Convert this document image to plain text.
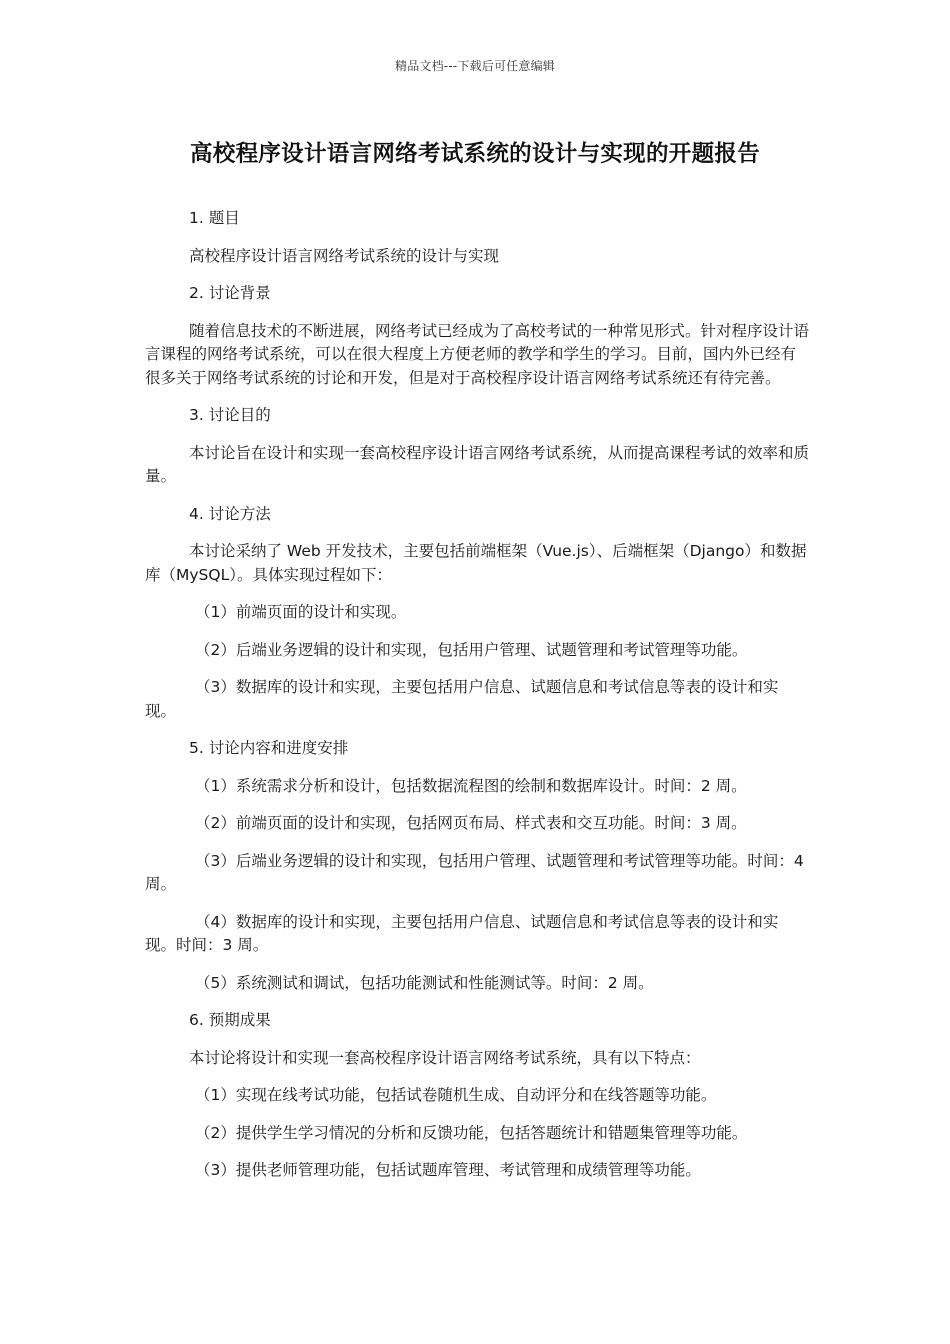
精品文档---下载后可任意编辑
高校程序设计语言网络考试系统的设计与实现的开题报告

1. 题目

高校程序设计语言网络考试系统的设计与实现

2. 讨论背景

随着信息技术的不断进展，网络考试已经成为了高校考试的一种常见形式。针对程序设计语言课程的网络考试系统，可以在很大程度上方便老师的教学和学生的学习。目前，国内外已经有很多关于网络考试系统的讨论和开发，但是对于高校程序设计语言网络考试系统还有待完善。

3. 讨论目的

本讨论旨在设计和实现一套高校程序设计语言网络考试系统，从而提高课程考试的效率和质量。

4. 讨论方法

本讨论采纳了 Web 开发技术，主要包括前端框架（Vue.js）、后端框架（Django）和数据库（MySQL）。具体实现过程如下：

（1）前端页面的设计和实现。

（2）后端业务逻辑的设计和实现，包括用户管理、试题管理和考试管理等功能。

（3）数据库的设计和实现，主要包括用户信息、试题信息和考试信息等表的设计和实现。

5. 讨论内容和进度安排

（1）系统需求分析和设计，包括数据流程图的绘制和数据库设计。时间：2 周。

（2）前端页面的设计和实现，包括网页布局、样式表和交互功能。时间：3 周。

（3）后端业务逻辑的设计和实现，包括用户管理、试题管理和考试管理等功能。时间：4 周。

（4）数据库的设计和实现，主要包括用户信息、试题信息和考试信息等表的设计和实现。时间：3 周。

（5）系统测试和调试，包括功能测试和性能测试等。时间：2 周。

6. 预期成果

本讨论将设计和实现一套高校程序设计语言网络考试系统，具有以下特点：

（1）实现在线考试功能，包括试卷随机生成、自动评分和在线答题等功能。

（2）提供学生学习情况的分析和反馈功能，包括答题统计和错题集管理等功能。

（3）提供老师管理功能，包括试题库管理、考试管理和成绩管理等功能。
